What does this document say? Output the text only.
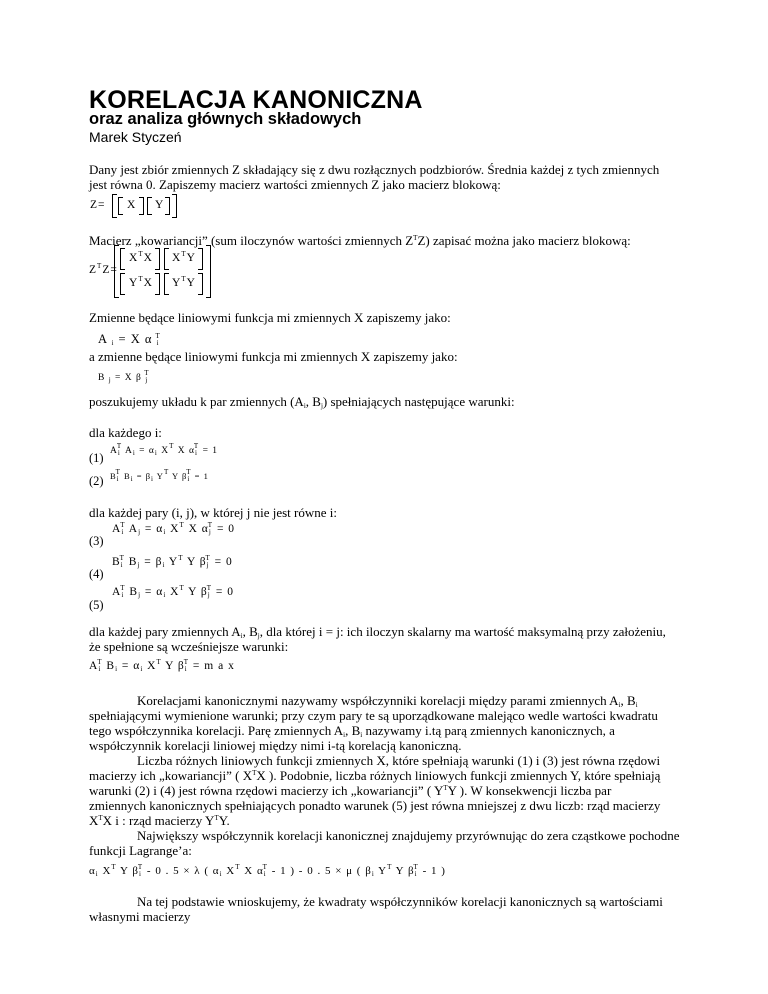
KORELACJA KANONICZNA
oraz analiza głównych składowych
Marek Styczeń
Dany jest zbiór zmiennych Z składający się z dwu rozłącznych podzbiorów. Średnia każdej z tych zmiennych
jest równa 0. Zapiszemy macierz wartości zmiennych Z jako macierz blokową:
Z= X Y
Macierz „kowariancji” (sum iloczynów wartości zmiennych $Z^TZ$) zapisać można jako macierz blokową:
$Z^TZ=$
$X^TX$ $X^TY$
$Y^TX$ $Y^TY$
Zmienne będące liniowymi funkcja mi zmiennych X zapiszemy jako:
A $_i$ = X α $_i^T$
a zmienne będące liniowymi funkcja mi zmiennych X zapiszemy jako:
B $_j$ = X β $_j^T$
poszukujemy układu k par zmiennych ($A_i$, $B_j$) spełniających następujące warunki:
dla każdego i:
(1) $A_i^T$ $A_i = \alpha_i$ $X^T$ X $\alpha_i^T = 1$
(2) $B_i^T$ $B_i = \beta_i$ $Y^T$ Y $\beta_i^T = 1$
dla każdej pary (i, j), w której j nie jest równe i:
(3)
$A_i^T$ $A_j = \alpha_i$ $X^T$ X $\alpha_j^T = 0$
(4)
$B_i^T$ $B_j = \beta_i$ $Y^T$ Y $\beta_j^T = 0$
(5)
$A_i^T$ $B_j = \alpha_i$ $X^T$ Y $\beta_j^T = 0$
dla każdej pary zmiennych $A_i$, $B_j$, dla której i = j: ich iloczyn skalarny ma wartość maksymalną przy założeniu,
że spełnione są wcześniejsze warunki:
$A_i^T$ $B_i = \alpha_i$ $X^T$ Y $\beta_i^T = m$ a x
Korelacjami kanonicznymi nazywamy współczynniki korelacji między parami zmiennych $A_i$, $B_i$
spełniającymi wymienione warunki; przy czym pary te są uporządkowane malejąco wedle wartości kwadratu
tego współczynnika korelacji. Parę zmiennych $A_i$, $B_i$ nazywamy i.tą parą zmiennych kanonicznych, a
współczynnik korelacji liniowej między nimi i-tą korelacją kanoniczną.
Liczba różnych liniowych funkcji zmiennych X, które spełniają warunki (1) i (3) jest równa rzędowi
macierzy ich „kowariancji” ( $X^TX$ ). Podobnie, liczba różnych liniowych funkcji zmiennych Y, które spełniają
warunki (2) i (4) jest równa rzędowi macierzy ich „kowariancji” ( $Y^TY$ ). W konsekwencji liczba par
zmiennych kanonicznych spełniających ponadto warunek (5) jest równa mniejszej z dwu liczb: rząd macierzy
$X^TX$ i : rząd macierzy $Y^TY$.
Największy współczynnik korelacji kanonicznej znajdujemy przyrównując do zera cząstkowe pochodne
funkcji Lagrange’a:
$\alpha_i$ $X^T$ Y $\beta_i^T - 0$ . 5 × λ ( $\alpha_i$ $X^T$ X $\alpha_i^T - 1$ ) - 0 . 5 × μ ( $\beta_i$ $Y^T$ Y $\beta_i^T - 1$ )
Na tej podstawie wnioskujemy, że kwadraty współczynników korelacji kanonicznych są wartościami
własnymi macierzy
